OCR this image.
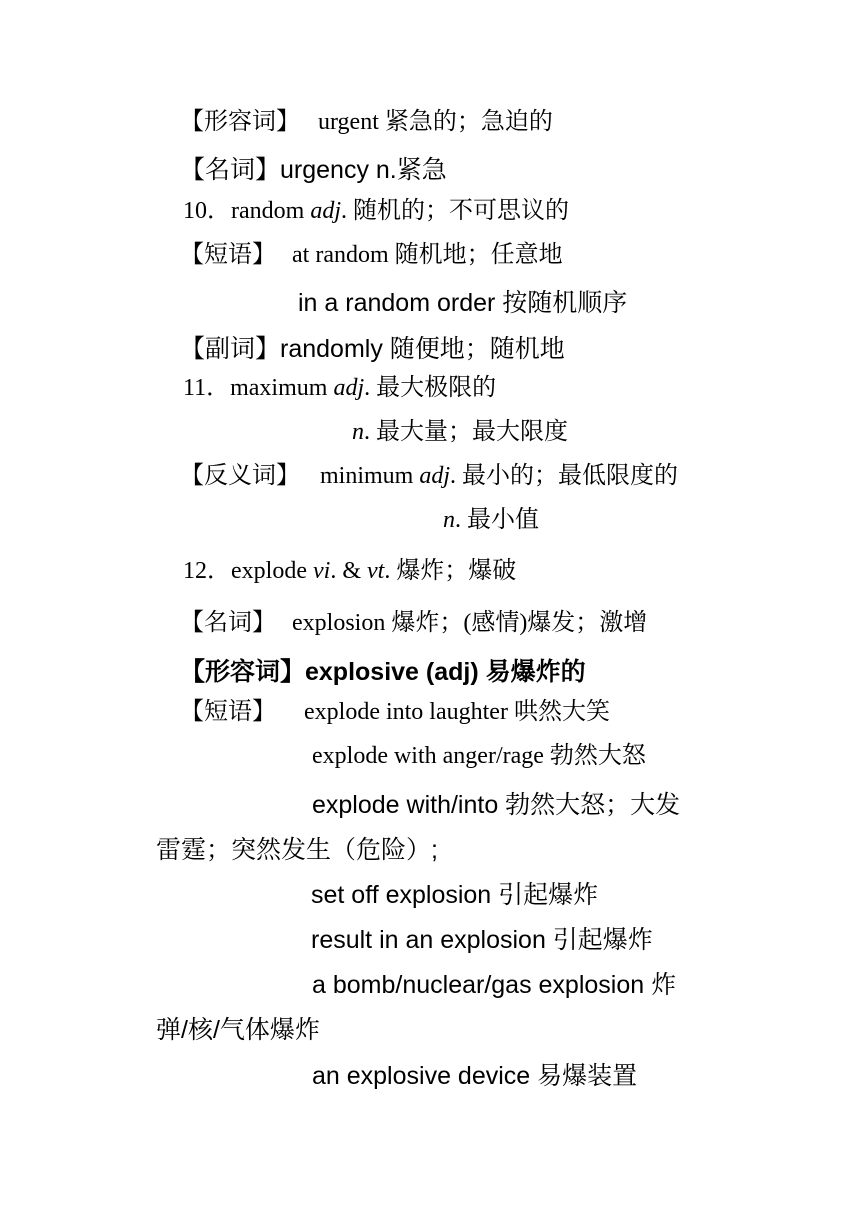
【形容词】 urgent 紧急的；急迫的
【名词】urgency n.紧急
10．random adj. 随机的；不可思议的
【短语】 at random 随机地；任意地
in a random order 按随机顺序
【副词】randomly 随便地；随机地
11．maximum adj. 最大极限的
n. 最大量；最大限度
【反义词】 minimum adj. 最小的；最低限度的
n. 最小值
12．explode vi. & vt. 爆炸；爆破
【名词】 explosion 爆炸；(感情)爆发；激增
【形容词】explosive (adj) 易爆炸的
【短语】 explode into laughter 哄然大笑
explode with anger/rage 勃然大怒
explode with/into 勃然大怒；大发
雷霆；突然发生（危险）;
set off explosion 引起爆炸
result in an explosion 引起爆炸
a bomb/nuclear/gas explosion 炸
弹/核/气体爆炸
an explosive device 易爆装置
